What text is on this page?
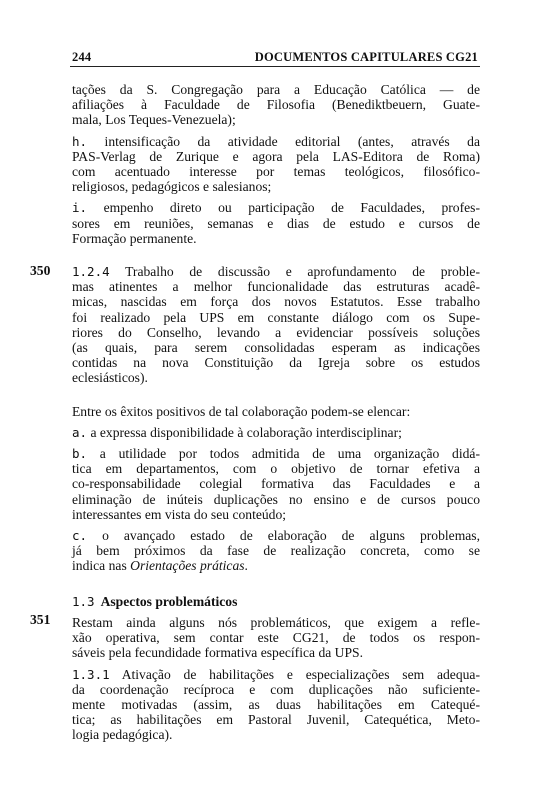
244	DOCUMENTOS CAPITULARES CG21
350
351
tações da S. Congregação para a Educação Católica — de
afiliações à Faculdade de Filosofia (Benediktbeuern, Guate-
mala, Los Teques-Venezuela);
h. intensificação da atividade editorial (antes, através da
PAS-Verlag de Zurique e agora pela LAS-Editora de Roma)
com acentuado interesse por temas teológicos, filosófico-
religiosos, pedagógicos e salesianos;
i. empenho direto ou participação de Faculdades, profes-
sores em reuniões, semanas e dias de estudo e cursos de
Formação permanente.
1.2.4 Trabalho de discussão e aprofundamento de proble-
mas atinentes a melhor funcionalidade das estruturas acadê-
micas, nascidas em força dos novos Estatutos. Esse trabalho
foi realizado pela UPS em constante diálogo com os Supe-
riores do Conselho, levando a evidenciar possíveis soluções
(as quais, para serem consolidadas esperam as indicações
contidas na nova Constituição da Igreja sobre os estudos
eclesiásticos).
Entre os êxitos positivos de tal colaboração podem-se elencar:
a. a expressa disponibilidade à colaboração interdisciplinar;
b. a utilidade por todos admitida de uma organização didá-
tica em departamentos, com o objetivo de tornar efetiva a
co-responsabilidade colegial formativa das Faculdades e a
eliminação de inúteis duplicações no ensino e de cursos pouco
interessantes em vista do seu conteúdo;
c. o avançado estado de elaboração de alguns problemas,
já bem próximos da fase de realização concreta, como se
indica nas Orientações práticas.
1.3 Aspectos problemáticos
Restam ainda alguns nós problemáticos, que exigem a refle-
xão operativa, sem contar este CG21, de todos os respon-
sáveis pela fecundidade formativa específica da UPS.
1.3.1 Ativação de habilitações e especializações sem adequa-
da coordenação recíproca e com duplicações não suficiente-
mente motivadas (assim, as duas habilitações em Catequé-
tica; as habilitações em Pastoral Juvenil, Catequética, Meto-
logia pedagógica).
